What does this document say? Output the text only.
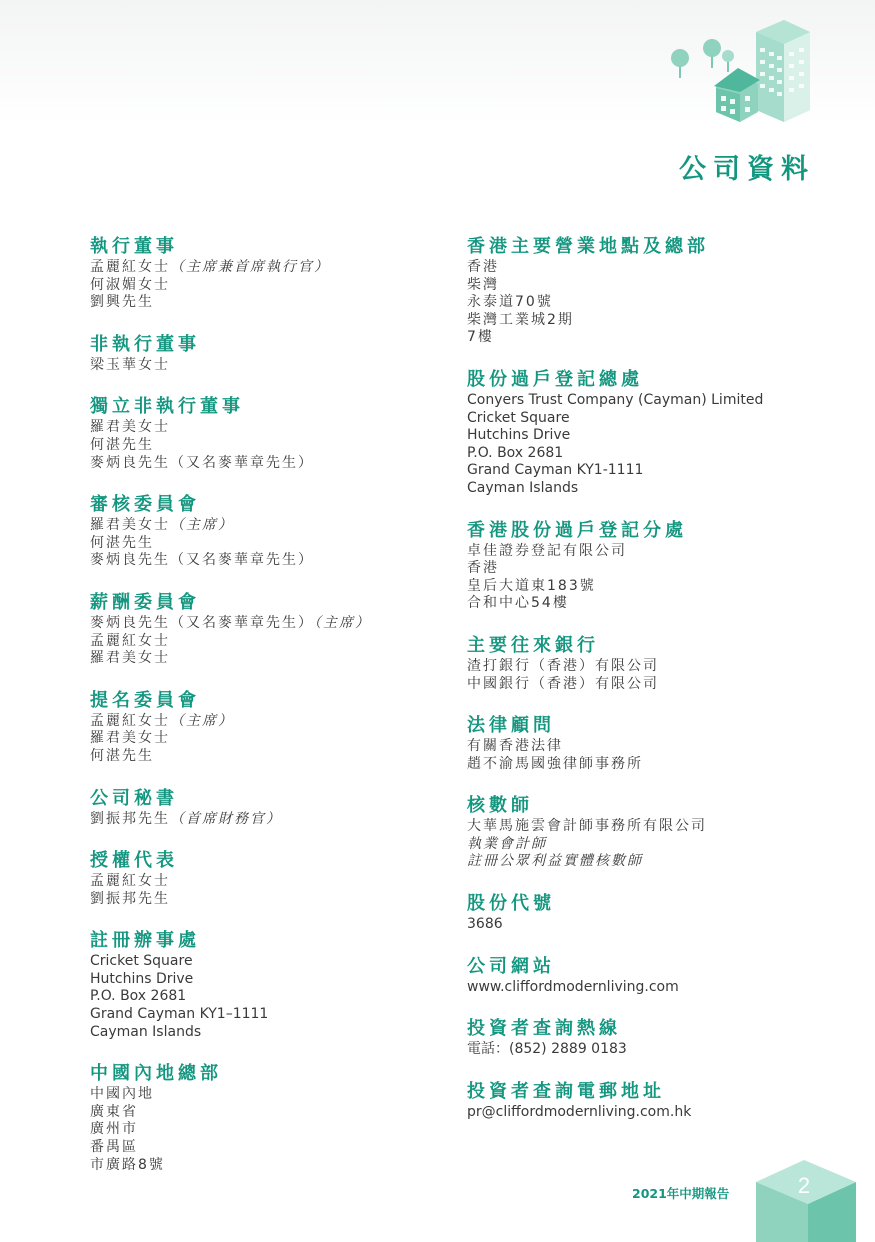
公司資料
執行董事
孟麗紅女士（主席兼首席執行官）
何淑媚女士
劉興先生
非執行董事
梁玉華女士
獨立非執行董事
羅君美女士
何湛先生
麥炳良先生（又名麥華章先生）
審核委員會
羅君美女士（主席）
何湛先生
麥炳良先生（又名麥華章先生）
薪酬委員會
麥炳良先生（又名麥華章先生）（主席）
孟麗紅女士
羅君美女士
提名委員會
孟麗紅女士（主席）
羅君美女士
何湛先生
公司秘書
劉振邦先生（首席財務官）
授權代表
孟麗紅女士
劉振邦先生
註冊辦事處
Cricket Square
Hutchins Drive
P.O. Box 2681
Grand Cayman KY1–1111
Cayman Islands
中國內地總部
中國內地
廣東省
廣州市
番禺區
市廣路8號
香港主要營業地點及總部
香港
柴灣
永泰道70號
柴灣工業城2期
7樓
股份過戶登記總處
Conyers Trust Company (Cayman) Limited
Cricket Square
Hutchins Drive
P.O. Box 2681
Grand Cayman KY1-1111
Cayman Islands
香港股份過戶登記分處
卓佳證券登記有限公司
香港
皇后大道東183號
合和中心54樓
主要往來銀行
渣打銀行（香港）有限公司
中國銀行（香港）有限公司
法律顧問
有關香港法律
趙不渝馬國強律師事務所
核數師
大華馬施雲會計師事務所有限公司
執業會計師
註冊公眾利益實體核數師
股份代號
3686
公司網站
www.cliffordmodernliving.com
投資者查詢熱線
電話：(852) 2889 0183
投資者查詢電郵地址
pr@cliffordmodernliving.com.hk
2021年中期報告	2
